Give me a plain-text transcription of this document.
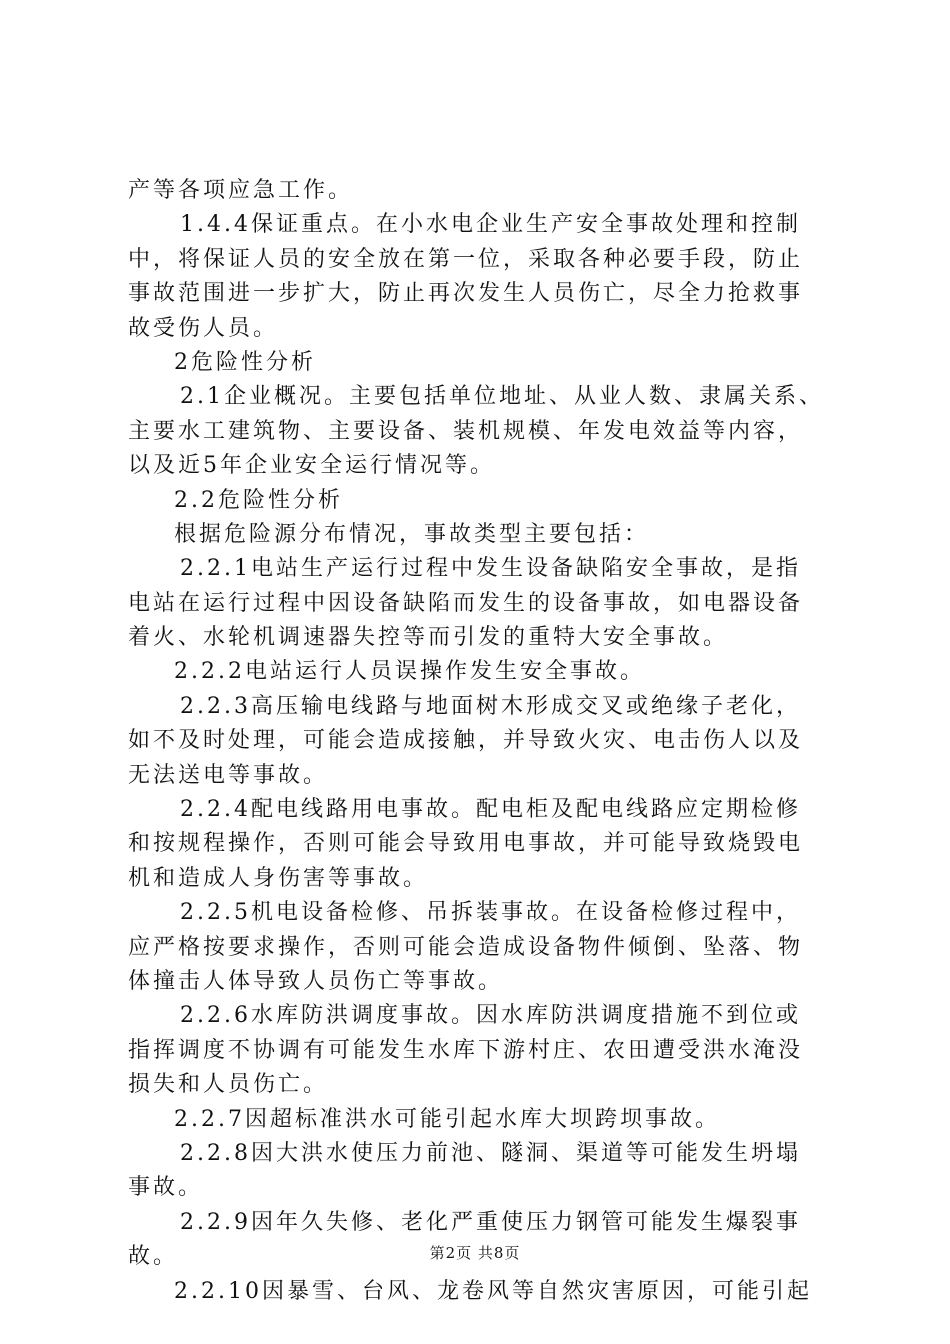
产等各项应急工作。
1.4.4保证重点。在小水电企业生产安全事故处理和控制
中，将保证人员的安全放在第一位，采取各种必要手段，防止
事故范围进一步扩大，防止再次发生人员伤亡，尽全力抢救事
故受伤人员。
2危险性分析
2.1企业概况。主要包括单位地址、从业人数、隶属关系、
主要水工建筑物、主要设备、装机规模、年发电效益等内容，
以及近5年企业安全运行情况等。
2.2危险性分析
根据危险源分布情况，事故类型主要包括：
2.2.1电站生产运行过程中发生设备缺陷安全事故，是指
电站在运行过程中因设备缺陷而发生的设备事故，如电器设备
着火、水轮机调速器失控等而引发的重特大安全事故。
2.2.2电站运行人员误操作发生安全事故。
2.2.3高压输电线路与地面树木形成交叉或绝缘子老化，
如不及时处理，可能会造成接触，并导致火灾、电击伤人以及
无法送电等事故。
2.2.4配电线路用电事故。配电柜及配电线路应定期检修
和按规程操作，否则可能会导致用电事故，并可能导致烧毁电
机和造成人身伤害等事故。
2.2.5机电设备检修、吊拆装事故。在设备检修过程中，
应严格按要求操作，否则可能会造成设备物件倾倒、坠落、物
体撞击人体导致人员伤亡等事故。
2.2.6水库防洪调度事故。因水库防洪调度措施不到位或
指挥调度不协调有可能发生水库下游村庄、农田遭受洪水淹没
损失和人员伤亡。
2.2.7因超标准洪水可能引起水库大坝跨坝事故。
2.2.8因大洪水使压力前池、隧洞、渠道等可能发生坍塌
事故。
2.2.9因年久失修、老化严重使压力钢管可能发生爆裂事
故。
2.2.10因暴雪、台风、龙卷风等自然灾害原因，可能引起
第2页 共8页
